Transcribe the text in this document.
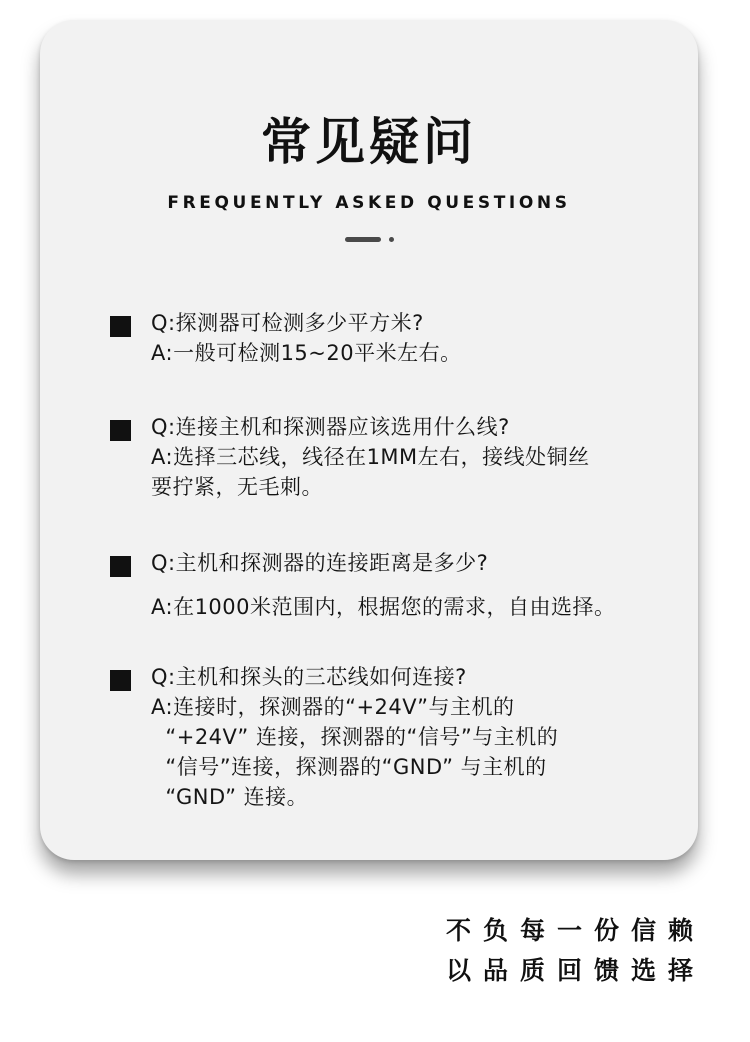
常见疑问
FREQUENTLY ASKED QUESTIONS
Q:探测器可检测多少平方米?
A:一般可检测15~20平米左右。
Q:连接主机和探测器应该选用什么线?
A:选择三芯线，线径在1MM左右，接线处铜丝
要拧紧，无毛刺。
Q:主机和探测器的连接距离是多少?
A:在1000米范围内，根据您的需求，自由选择。
Q:主机和探头的三芯线如何连接?
A:连接时，探测器的“+24V”与主机的
“+24V” 连接，探测器的“信号”与主机的
“信号”连接，探测器的“GND” 与主机的
“GND” 连接。
不负每一份信赖
以品质回馈选择
